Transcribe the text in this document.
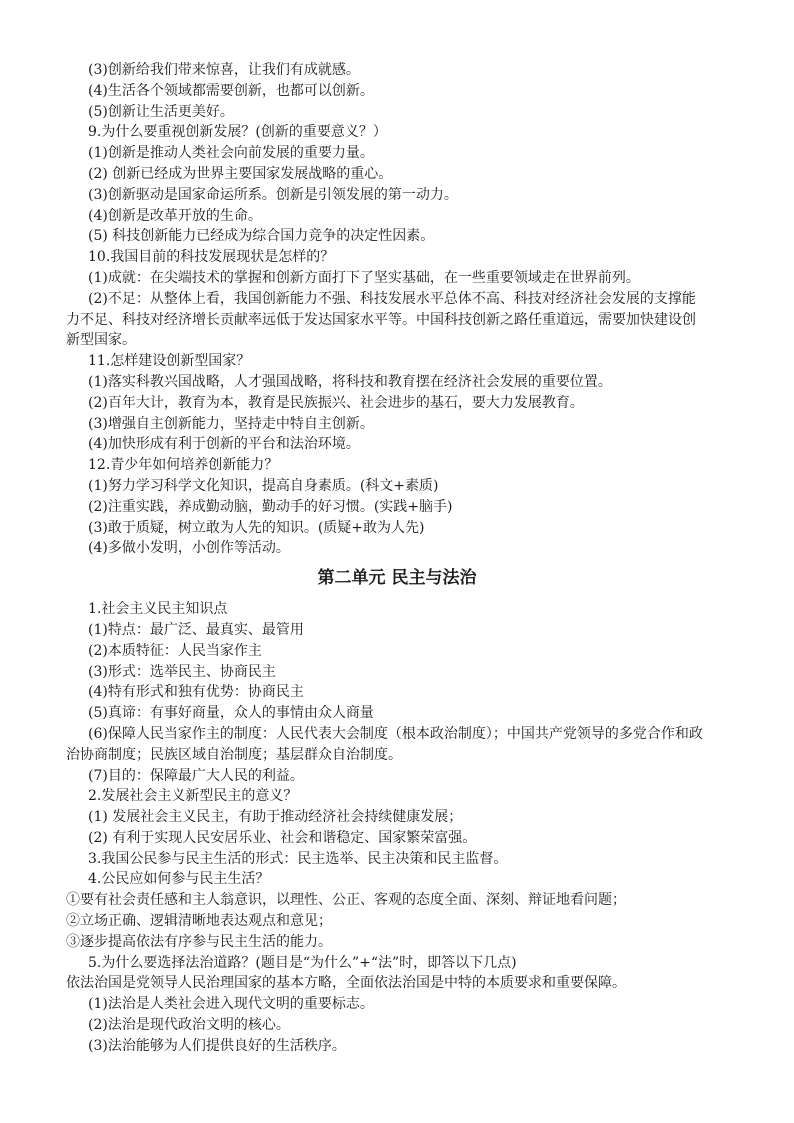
(3)创新给我们带来惊喜，让我们有成就感。

(4)生活各个领域都需要创新，也都可以创新。

(5)创新让生活更美好。

9.为什么要重视创新发展？(创新的重要意义？）

(1)创新是推动人类社会向前发展的重要力量。

(2) 创新已经成为世界主要国家发展战略的重心。

(3)创新驱动是国家命运所系。创新是引领发展的第一动力。

(4)创新是改革开放的生命。

(5) 科技创新能力已经成为综合国力竞争的决定性因素。

10.我国目前的科技发展现状是怎样的？

(1)成就：在尖端技术的掌握和创新方面打下了坚实基础，在一些重要领域走在世界前列。

(2)不足：从整体上看，我国创新能力不强、科技发展水平总体不高、科技对经济社会发展的支撑能力不足、科技对经济增长贡献率远低于发达国家水平等。中国科技创新之路任重道远，需要加快建设创新型国家。

11.怎样建设创新型国家？

(1)落实科教兴国战略，人才强国战略，将科技和教育摆在经济社会发展的重要位置。

(2)百年大计，教育为本，教育是民族振兴、社会进步的基石，要大力发展教育。

(3)增强自主创新能力，坚持走中特自主创新。

(4)加快形成有利于创新的平台和法治环境。

12.青少年如何培养创新能力？

(1)努力学习科学文化知识，提高自身素质。(科文+素质)

(2)注重实践，养成勤动脑，勤动手的好习惯。(实践+脑手)

(3)敢于质疑，树立敢为人先的知识。(质疑+敢为人先)

(4)多做小发明，小创作等活动。

第二单元 民主与法治

1.社会主义民主知识点

(1)特点：最广泛、最真实、最管用

(2)本质特征：人民当家作主

(3)形式：选举民主、协商民主

(4)特有形式和独有优势：协商民主

(5)真谛：有事好商量，众人的事情由众人商量

(6)保障人民当家作主的制度：人民代表大会制度（根本政治制度）；中国共产党领导的多党合作和政治协商制度；民族区域自治制度；基层群众自治制度。

(7)目的：保障最广大人民的利益。

2.发展社会主义新型民主的意义？

(1) 发展社会主义民主，有助于推动经济社会持续健康发展；

(2) 有利于实现人民安居乐业、社会和谐稳定、国家繁荣富强。

3.我国公民参与民主生活的形式：民主选举、民主决策和民主监督。

4.公民应如何参与民主生活？

①要有社会责任感和主人翁意识，以理性、公正、客观的态度全面、深刻、辩证地看问题；

②立场正确、逻辑清晰地表达观点和意见；

③逐步提高依法有序参与民主生活的能力。

5.为什么要选择法治道路？(题目是“为什么”+“法”时，即答以下几点)

依法治国是党领导人民治理国家的基本方略，全面依法治国是中特的本质要求和重要保障。

(1)法治是人类社会进入现代文明的重要标志。

(2)法治是现代政治文明的核心。

(3)法治能够为人们提供良好的生活秩序。
